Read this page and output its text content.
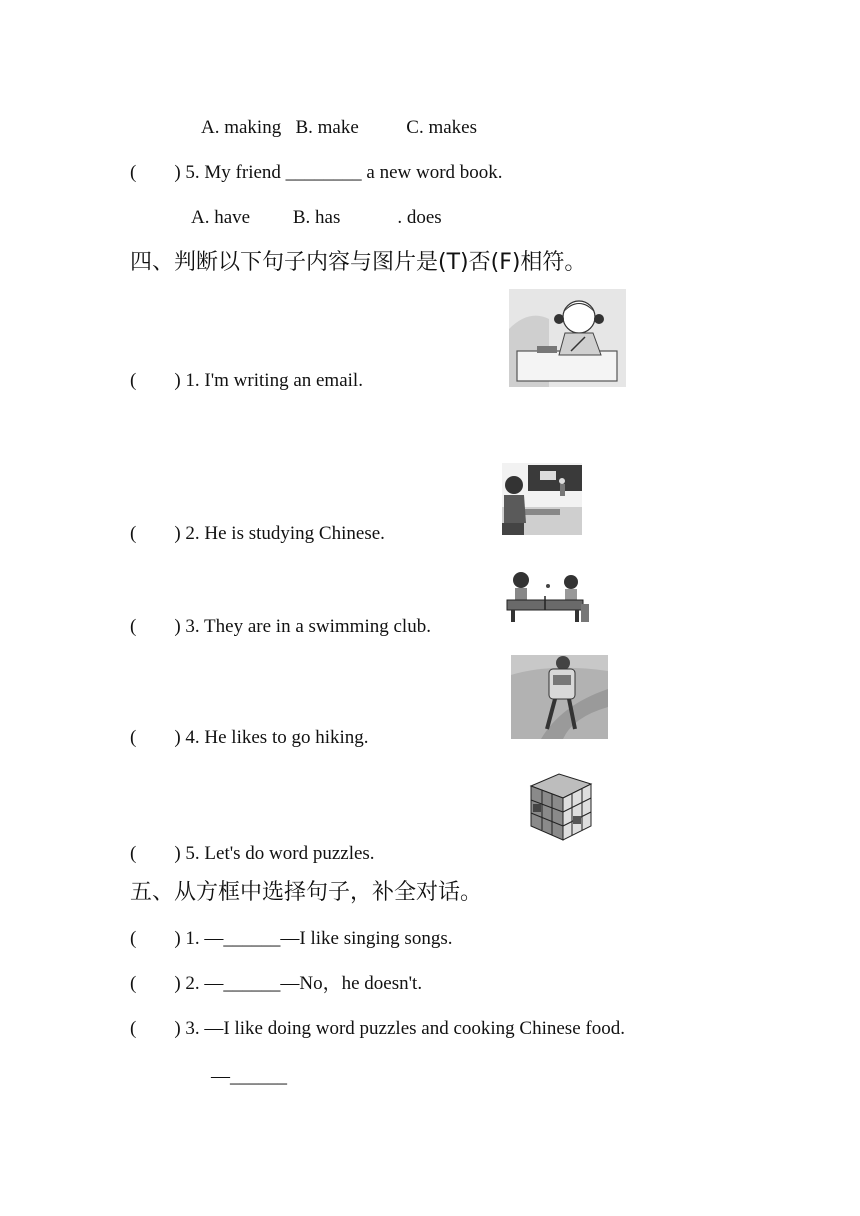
A. making   B. make          C. makes
(        ) 5. My friend ________ a new word book.
A. have         B. has            . does
四、判断以下句子内容与图片是(T)否(F)相符。
(        ) 1. I'm writing an email.
(        ) 2. He is studying Chinese.
(        ) 3. They are in a swimming club.
(        ) 4. He likes to go hiking.
(        ) 5. Let's do word puzzles.
五、从方框中选择句子，补全对话。
(        ) 1. —______—I like singing songs.
(        ) 2. —______—No，he doesn't.
(        ) 3. —I like doing word puzzles and cooking Chinese food.
—______
